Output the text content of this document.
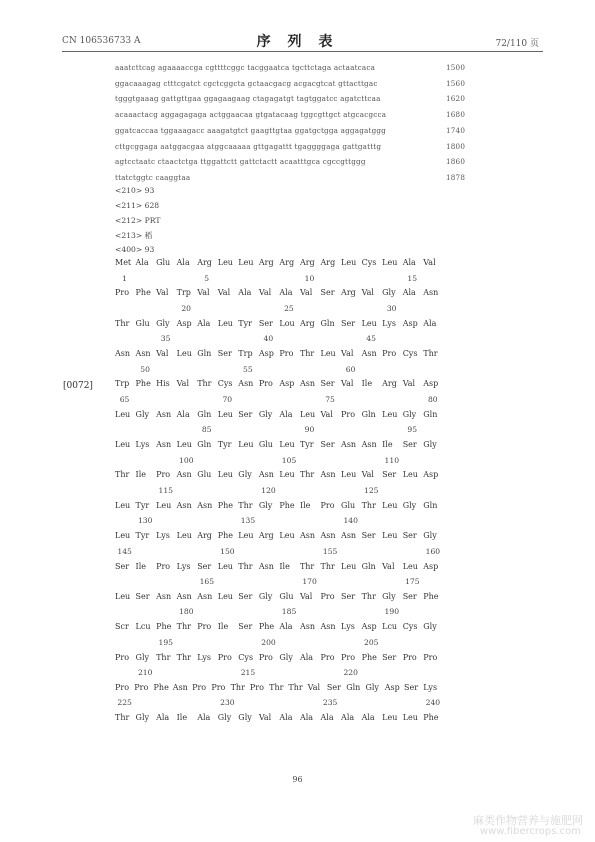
CN 106536733 A	序 列 表	72/110 页
aaatcttcag agaaaaccga cgttttcggc tacggaatca tgcttctaga actaatcaca	1500
ggacaaagag ctttcgatct cgctcggcta gctaacgacg acgacgtcat gttacttgac	1560
tgggtgaaag gattgttgaa ggagaagaag ctagagatgt tagtggatcc agatcttcaa	1620
acaaactacg aggagagaga actggaacaa gtgatacaag tggcgttgct atgcacgcca	1680
ggatcaccaa tggaaagacc aaagatgtct gaagttgtaa ggatgctgga aggagatggg	1740
cttgcggaga aatggacgaa atggcaaaaa gttgagattt tgaggggaga gattgatttg	1800
agtcctaatc ctaactctga ttggattctt gattctactt acaatttgca cgccgttggg	1860
ttatctggtc caaggtaa	1878
<210> 93
<211> 628
<212> PRT
<213> 稻
<400> 93
[0072]
Met Ala Glu Ala Arg Leu Leu Arg Arg Arg Arg Leu Cys Leu Ala Val
1	5	10	15
Pro Phe Val Trp Val Val Ala Val Ala Val Ser Arg Val Gly Ala Asn
20	25	30
Thr Glu Gly Asp Ala Leu Tyr Ser Lou Arg Gln Ser Leu Lys Asp Ala
35	40	45
Asn Asn Val Leu Gln Ser Trp Asp Pro Thr Leu Val Asn Pro Cys Thr
50	55	60
Trp Phe His Val Thr Cys Asn Pro Asp Asn Ser Val Ile Arg Val Asp
65	70	75	80
Leu Gly Asn Ala Gln Leu Ser Gly Ala Leu Val Pro Gln Leu Gly Gln
85	90	95
Leu Lys Asn Leu Gln Tyr Leu Glu Leu Tyr Ser Asn Asn Ile Ser Gly
100	105	110
Thr Ile Pro Asn Glu Leu Gly Asn Leu Thr Asn Leu Val Ser Leu Asp
115	120	125
Leu Tyr Leu Asn Asn Phe Thr Gly Phe Ile Pro Glu Thr Leu Gly Gln
130	135	140
Leu Tyr Lys Leu Arg Phe Leu Arg Leu Asn Asn Asn Ser Leu Ser Gly
145	150	155	160
Ser Ile Pro Lys Ser Leu Thr Asn Ile Thr Thr Leu Gln Val Leu Asp
165	170	175
Leu Ser Asn Asn Asn Leu Ser Gly Glu Val Pro Ser Thr Gly Ser Phe
180	185	190
Scr Lcu Phe Thr Pro Ile Ser Phe Ala Asn Asn Lys Asp Lcu Cys Gly
195	200	205
Pro Gly Thr Thr Lys Pro Cys Pro Gly Ala Pro Pro Phe Ser Pro Pro
210	215	220
Pro Pro Phe Asn Pro Pro Thr Pro Thr Thr Val Ser Gln Gly Asp Ser Lys
225	230	235	240
Thr Gly Ala Ile Ala Gly Gly Val Ala Ala Ala Ala Ala Leu Leu Phe
96
麻类作物营养与施肥网
www.fibercrops.com
